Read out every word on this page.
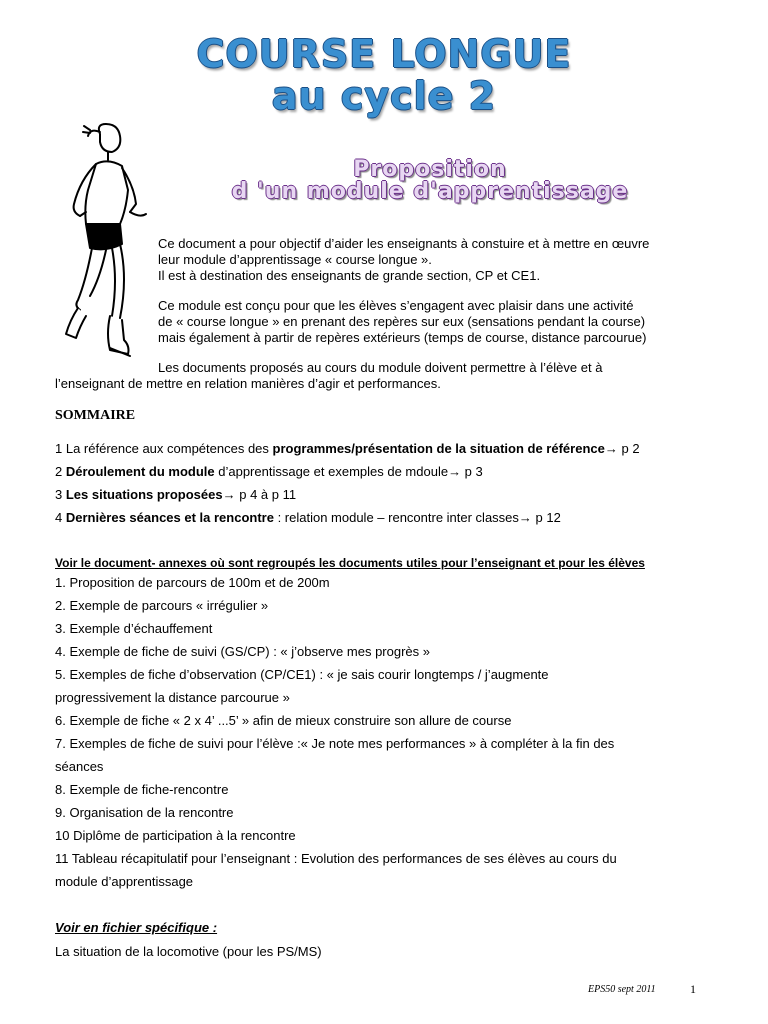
COURSE LONGUE
au cycle 2
Proposition
d 'un module d'apprentissage
Ce document a pour objectif d’aider les enseignants à constuire et à mettre en œuvre
leur module d’apprentissage « course longue ».
Il est à destination des enseignants de grande section, CP et CE1.
Ce module est conçu pour que les élèves s’engagent avec plaisir dans une activité
de « course longue » en prenant des repères sur eux (sensations pendant la course)
mais également à partir de repères extérieurs (temps de course, distance parcourue)
Les documents proposés au cours du module doivent permettre à l’élève et à
l’enseignant de mettre en relation manières d’agir et performances.
SOMMAIRE
1 La référence aux compétences des programmes/présentation de la situation de référence→ p 2
2 Déroulement du module d’apprentissage et exemples de mdoule→ p 3
3 Les situations proposées→ p 4 à p 11
4 Dernières séances et la rencontre : relation module – rencontre inter classes→ p 12
Voir le document- annexes où sont regroupés les documents utiles pour l’enseignant et pour les élèves
1. Proposition de parcours de 100m et de 200m
2. Exemple de parcours « irrégulier »
3. Exemple d’échauffement
4. Exemple de fiche de suivi (GS/CP) : « j’observe mes progrès »
5. Exemples de fiche d’observation (CP/CE1) : « je sais courir longtemps / j’augmente
progressivement la distance parcourue »
6. Exemple de fiche « 2 x 4’ ...5’ » afin de mieux construire son allure de course
7. Exemples de fiche de suivi pour l’élève :« Je note mes performances » à compléter à la fin des
séances
8. Exemple de fiche-rencontre
9. Organisation de la rencontre
10 Diplôme de participation à la rencontre
11 Tableau récapitulatif pour l’enseignant : Evolution des performances de ses élèves au cours du
module d’apprentissage
Voir en fichier spécifique :
La situation de la locomotive (pour les PS/MS)
EPS50 sept 2011	1
